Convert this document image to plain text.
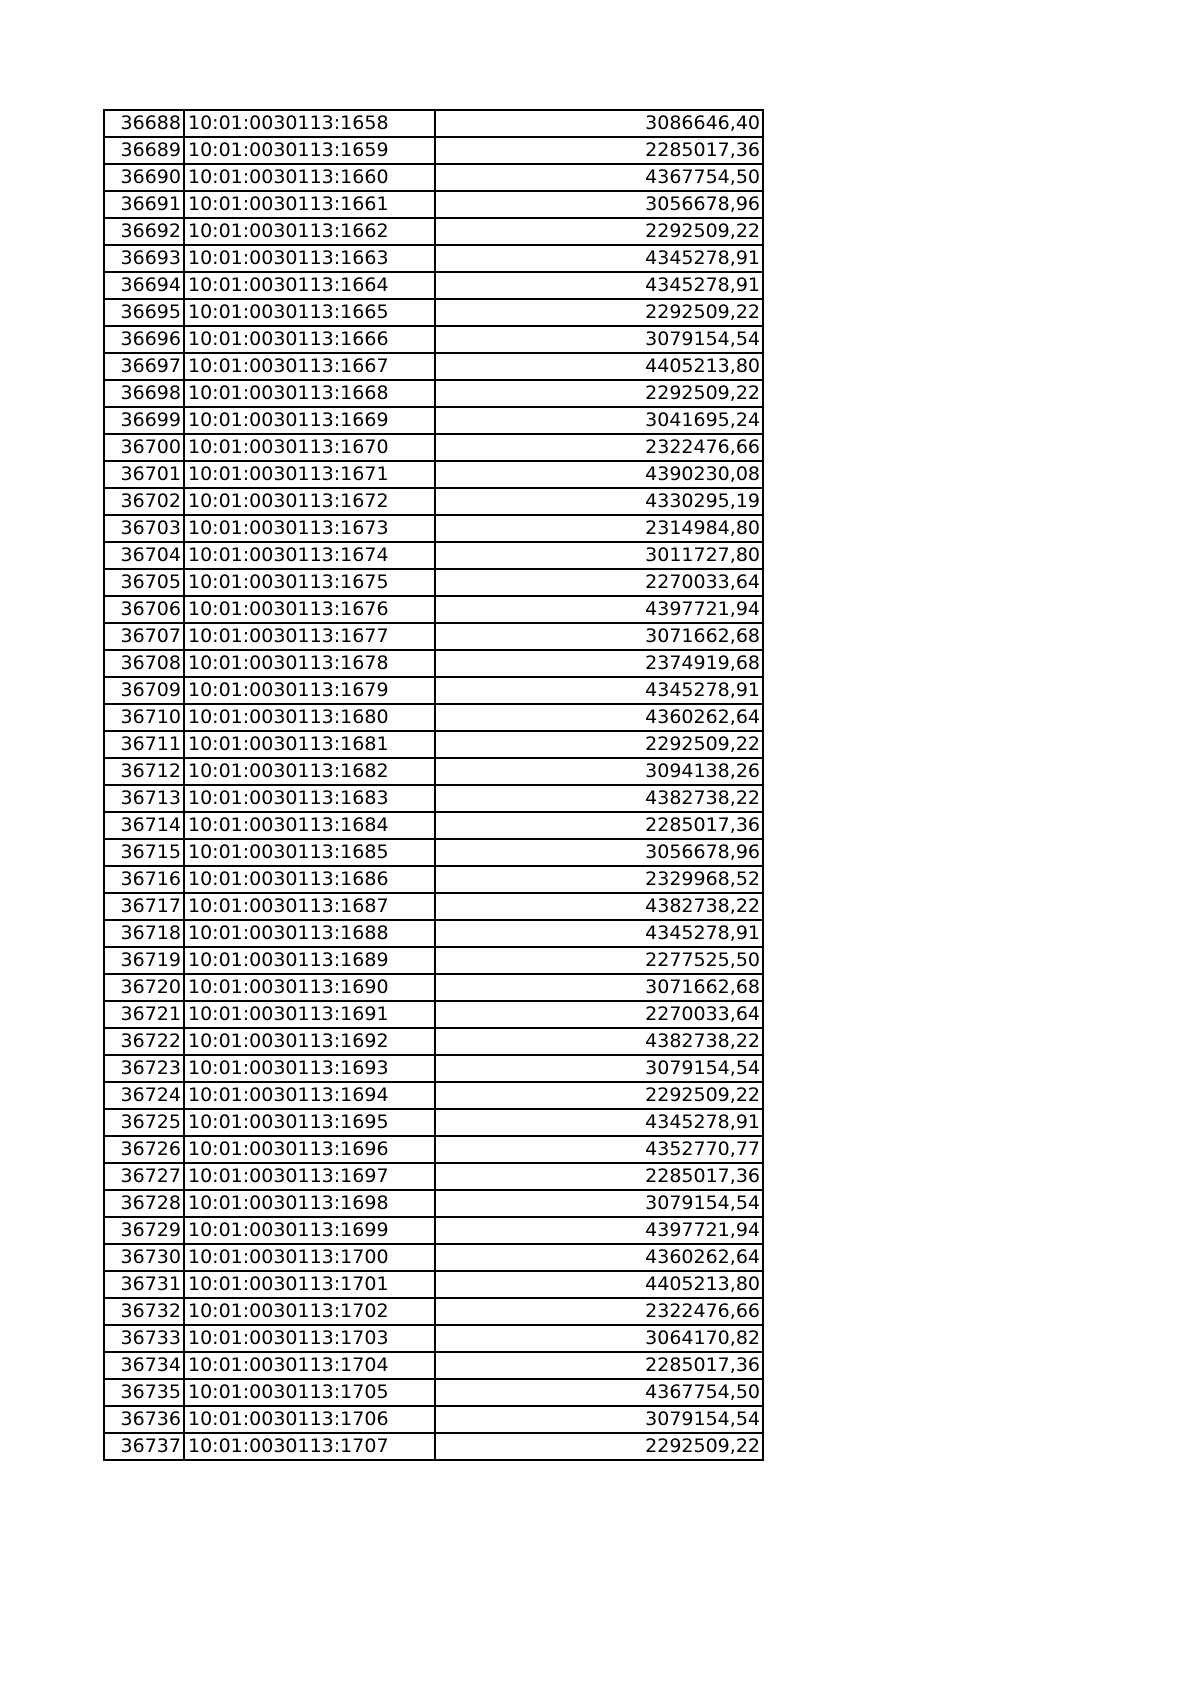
36688	10:01:0030113:1658	3086646,40
36689	10:01:0030113:1659	2285017,36
36690	10:01:0030113:1660	4367754,50
36691	10:01:0030113:1661	3056678,96
36692	10:01:0030113:1662	2292509,22
36693	10:01:0030113:1663	4345278,91
36694	10:01:0030113:1664	4345278,91
36695	10:01:0030113:1665	2292509,22
36696	10:01:0030113:1666	3079154,54
36697	10:01:0030113:1667	4405213,80
36698	10:01:0030113:1668	2292509,22
36699	10:01:0030113:1669	3041695,24
36700	10:01:0030113:1670	2322476,66
36701	10:01:0030113:1671	4390230,08
36702	10:01:0030113:1672	4330295,19
36703	10:01:0030113:1673	2314984,80
36704	10:01:0030113:1674	3011727,80
36705	10:01:0030113:1675	2270033,64
36706	10:01:0030113:1676	4397721,94
36707	10:01:0030113:1677	3071662,68
36708	10:01:0030113:1678	2374919,68
36709	10:01:0030113:1679	4345278,91
36710	10:01:0030113:1680	4360262,64
36711	10:01:0030113:1681	2292509,22
36712	10:01:0030113:1682	3094138,26
36713	10:01:0030113:1683	4382738,22
36714	10:01:0030113:1684	2285017,36
36715	10:01:0030113:1685	3056678,96
36716	10:01:0030113:1686	2329968,52
36717	10:01:0030113:1687	4382738,22
36718	10:01:0030113:1688	4345278,91
36719	10:01:0030113:1689	2277525,50
36720	10:01:0030113:1690	3071662,68
36721	10:01:0030113:1691	2270033,64
36722	10:01:0030113:1692	4382738,22
36723	10:01:0030113:1693	3079154,54
36724	10:01:0030113:1694	2292509,22
36725	10:01:0030113:1695	4345278,91
36726	10:01:0030113:1696	4352770,77
36727	10:01:0030113:1697	2285017,36
36728	10:01:0030113:1698	3079154,54
36729	10:01:0030113:1699	4397721,94
36730	10:01:0030113:1700	4360262,64
36731	10:01:0030113:1701	4405213,80
36732	10:01:0030113:1702	2322476,66
36733	10:01:0030113:1703	3064170,82
36734	10:01:0030113:1704	2285017,36
36735	10:01:0030113:1705	4367754,50
36736	10:01:0030113:1706	3079154,54
36737	10:01:0030113:1707	2292509,22
